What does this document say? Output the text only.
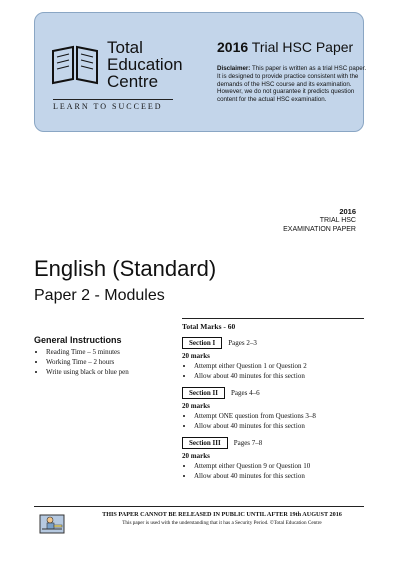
Total
Education
Centre
LEARN TO SUCCEED
2016 Trial HSC Paper
Disclaimer: This paper is written as a trial HSC paper. It is designed to provide practice consistent with the demands of the HSC course and its examination. However, we do not guarantee it predicts question content for the actual HSC examination.
2016
TRIAL HSC
EXAMINATION PAPER
English (Standard)
Paper 2 - Modules
General Instructions
• Reading Time – 5 minutes
• Working Time – 2 hours
• Write using black or blue pen
Total Marks - 60
Section I	Pages 2–3
20 marks
• Attempt either Question 1 or Question 2
• Allow about 40 minutes for this section
Section II	Pages 4–6
20 marks
• Attempt ONE question from Questions 3–8
• Allow about 40 minutes for this section
Section III	Pages 7–8
20 marks
• Attempt either Question 9 or Question 10
• Allow about 40 minutes for this section
THIS PAPER CANNOT BE RELEASED IN PUBLIC UNTIL AFTER 19th AUGUST 2016
This paper is used with the understanding that it has a Security Period. ©Total Education Centre
